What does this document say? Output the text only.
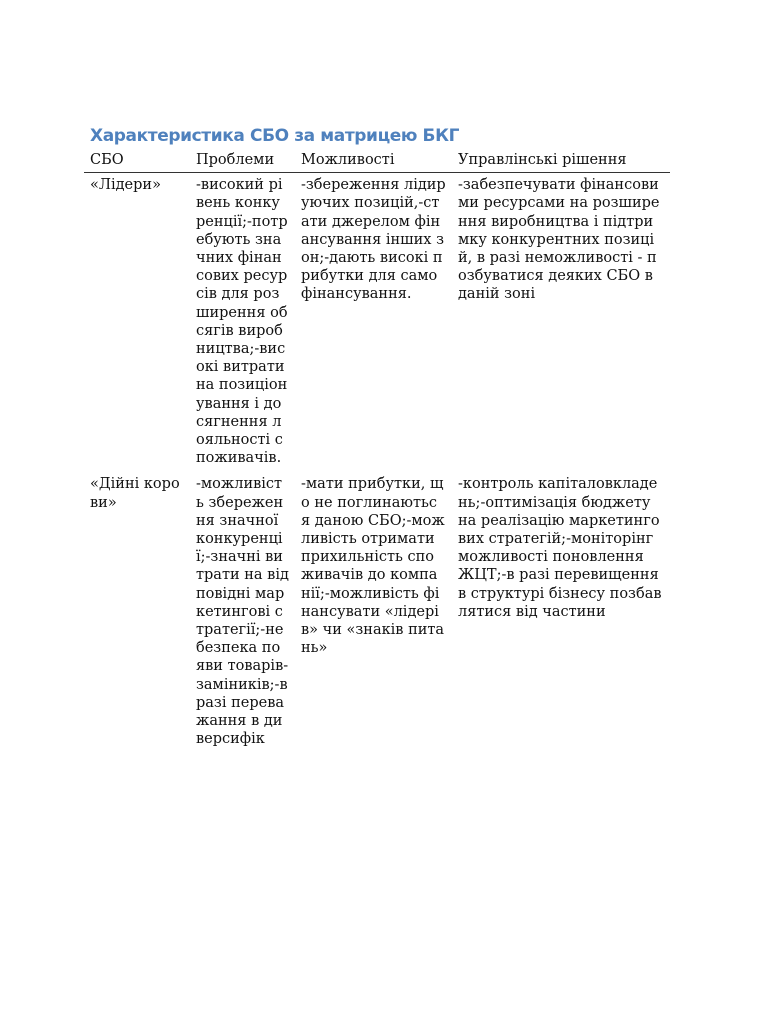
Характеристика СБО за матрицею БКГ
СБО	Проблеми	Можливості	Управлінські рішення
«Лідери»	-високий рівень конкуренції;-потребують значних фінансових ресурсів для розширення обсягів виробництва;-високі витрати на позиціонування і досягнення лояльності споживачів.	-збереження лідируючих позицій,-стати джерелом фінансування інших зон;-дають високі прибутки для самофінансування.	-забезпечувати фінансовими ресурсами на розширення виробництва і підтримку конкурентних позицій, в разі неможливості - позбуватися деяких СБО в даній зоні
«Дійні корови»	-можливість збереження значної конкуренції;-значні витрати на відповідні маркетингові стратегії;-небезпека появи товарів-заміників;-в разі переважання в диверсифік	-мати прибутки, що не поглинаються даною СБО;-можливість отримати прихильність споживачів до компанії;-можливість фінансувати «лідерів» чи «знаків питань»	-контроль капіталовкладень;-оптимізація бюджету на реалізацію маркетингових стратегій;-моніторінг можливості поновлення ЖЦТ;-в разі перевищення в структурі бізнесу позбавлятися від частини
